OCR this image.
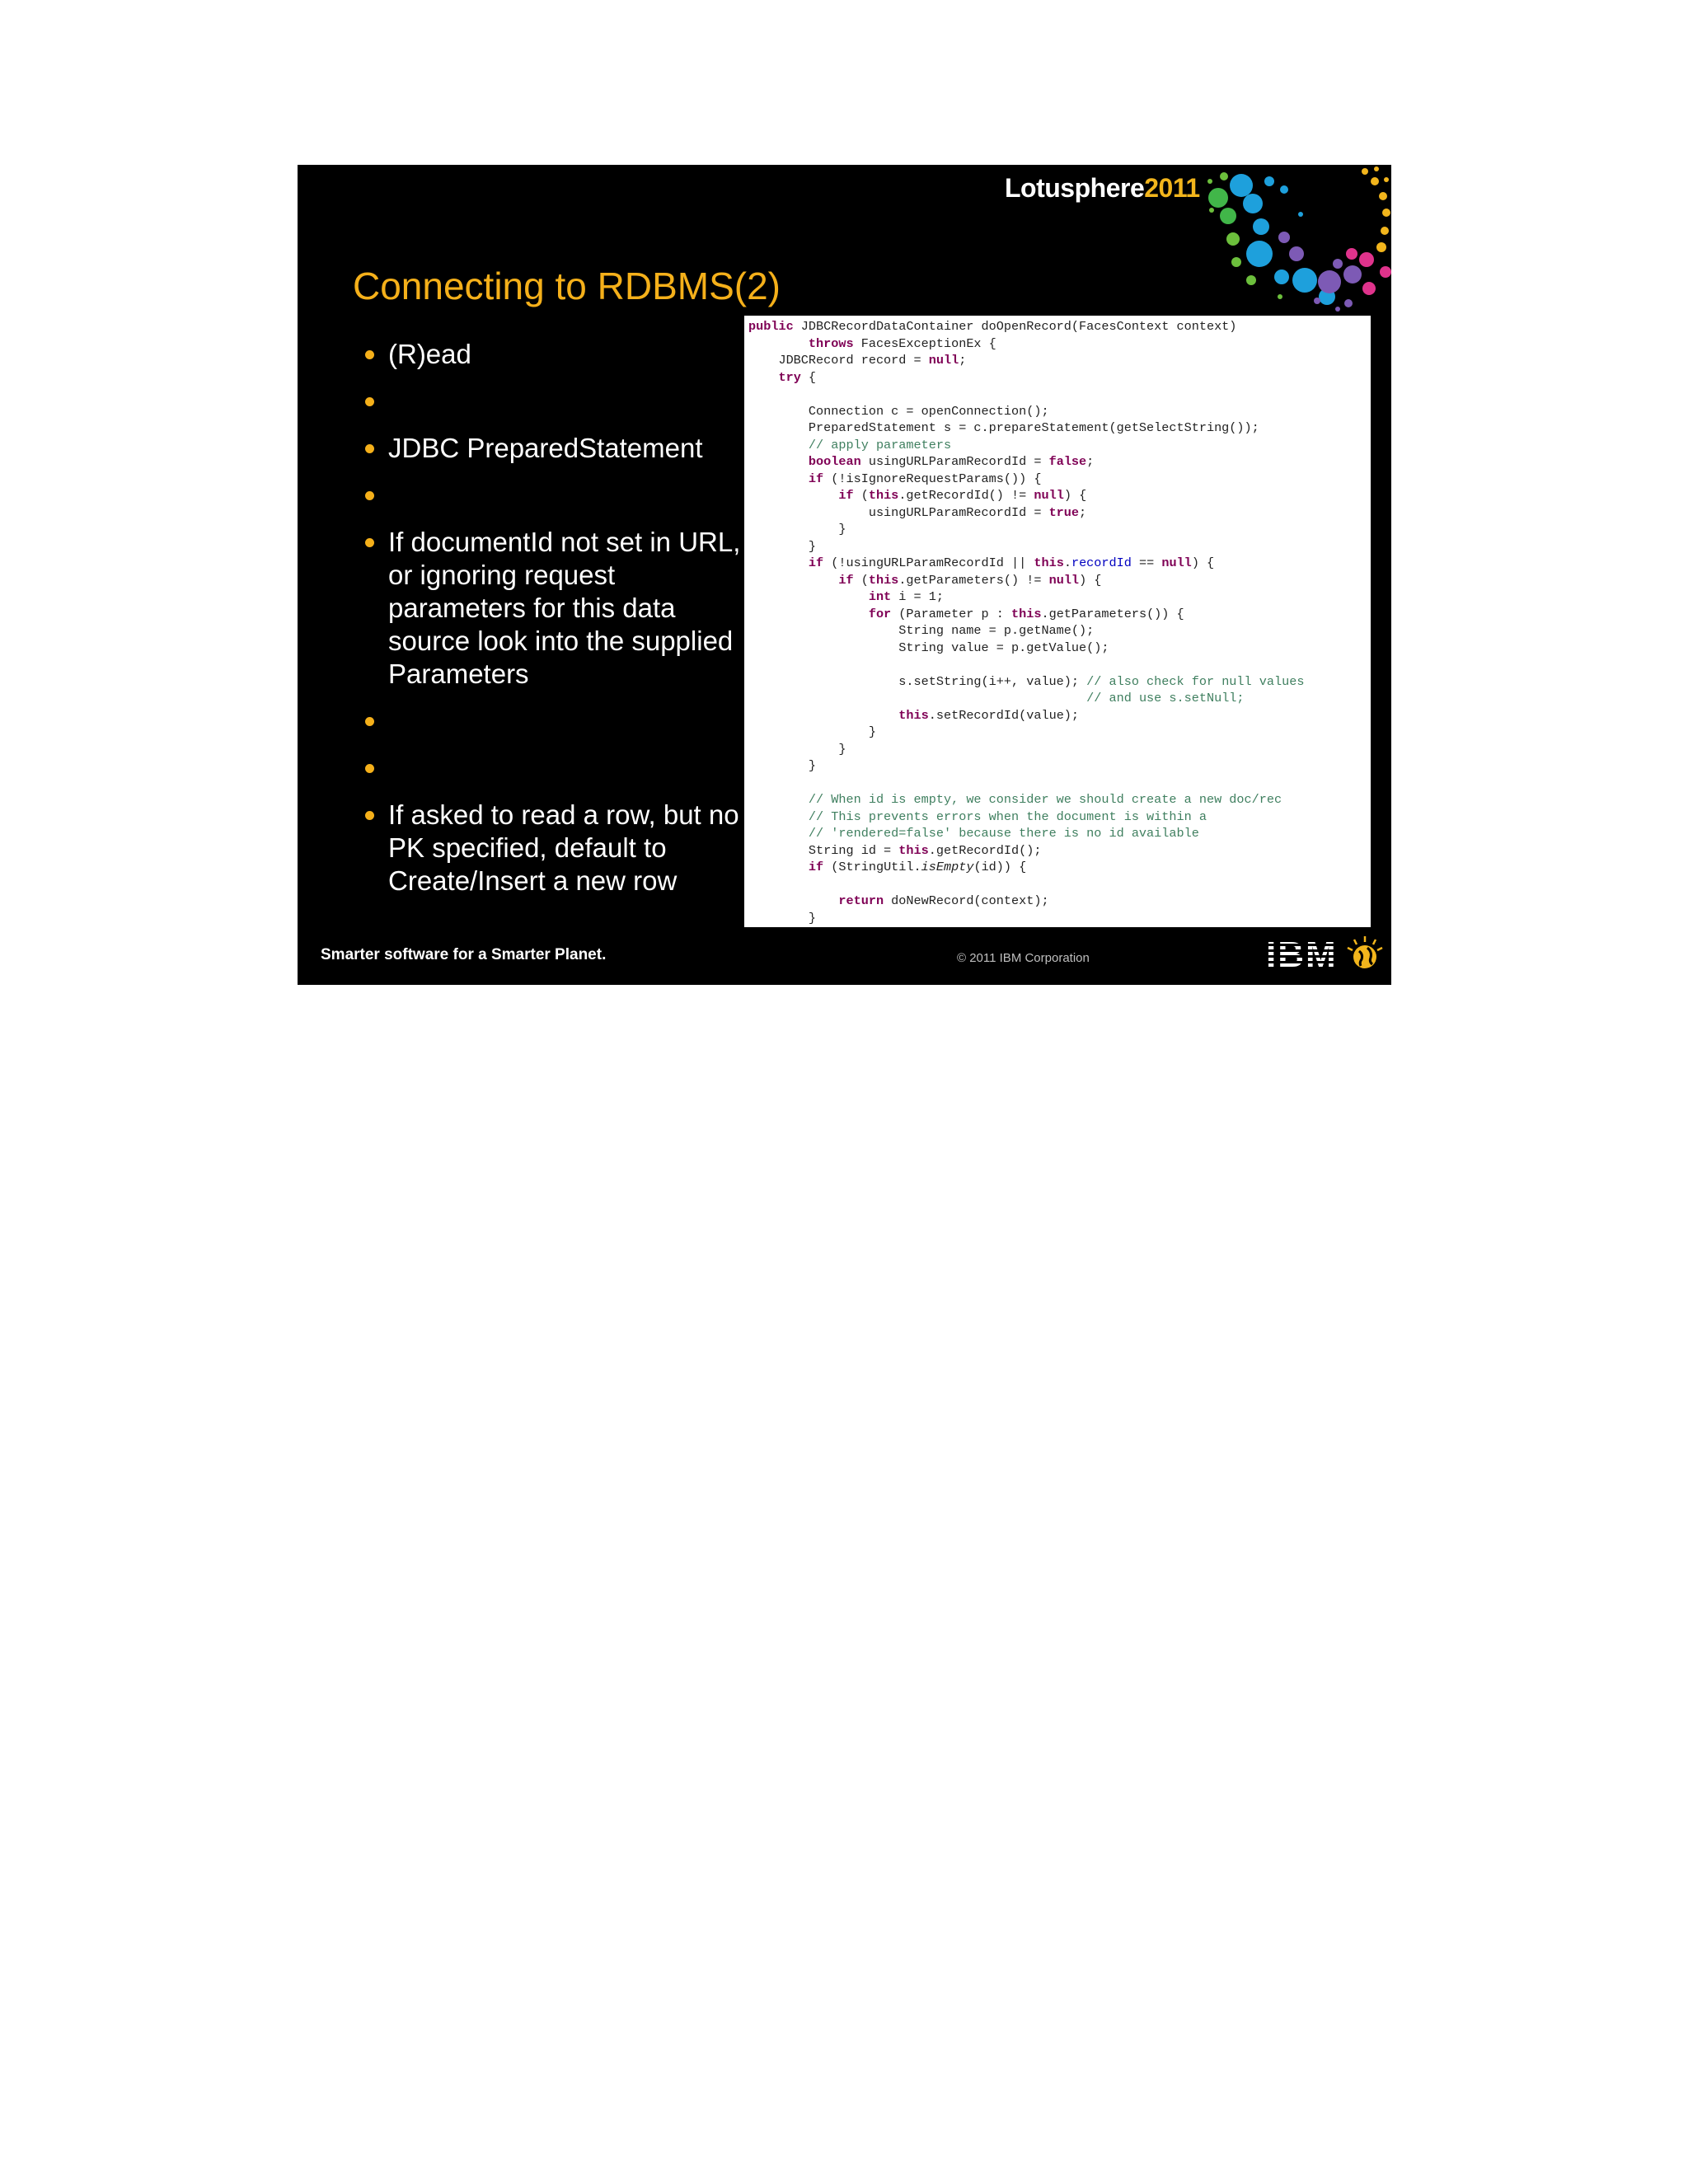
Lotusphere2011
Connecting to RDBMS(2)
(R)ead
JDBC PreparedStatement
If documentId not set in URL, or ignoring request parameters for this data source look into the supplied Parameters
If asked to read a row, but no PK specified, default to Create/Insert a new row
public JDBCRecordDataContainer doOpenRecord(FacesContext context)
throws FacesExceptionEx {
JDBCRecord record = null;
try {

Connection c = openConnection();
PreparedStatement s = c.prepareStatement(getSelectString());
// apply parameters
boolean usingURLParamRecordId = false;
if (!isIgnoreRequestParams()) {
if (this.getRecordId() != null) {
usingURLParamRecordId = true;
}
}
if (!usingURLParamRecordId || this.recordId == null) {
if (this.getParameters() != null) {
int i = 1;
for (Parameter p : this.getParameters()) {
String name = p.getName();
String value = p.getValue();

s.setString(i++, value); // also check for null values
// and use s.setNull;
this.setRecordId(value);
}
}
}

// When id is empty, we consider we should create a new doc/rec
// This prevents errors when the document is within a
// 'rendered=false' because there is no id available
String id = this.getRecordId();
if (StringUtil.isEmpty(id)) {

return doNewRecord(context);
}
Smarter software for a Smarter Planet.	© 2011 IBM Corporation	IBM
